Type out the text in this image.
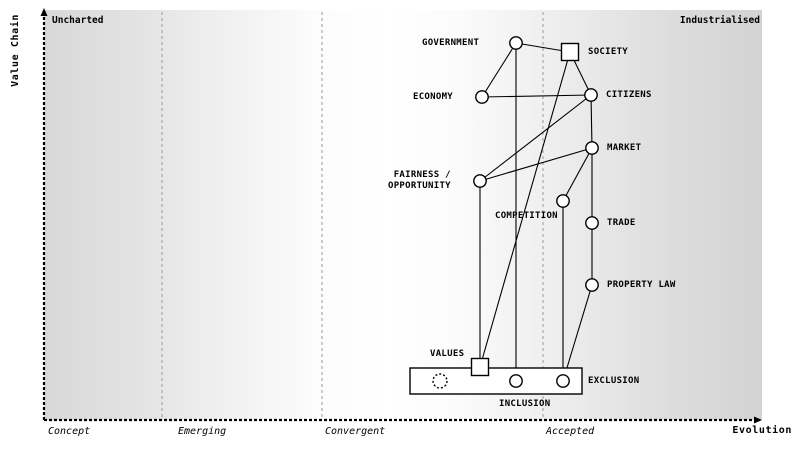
Value Chain
Evolution
Uncharted	Industrialised
Concept	Emerging	Convergent	Accepted
GOVERNMENT
SOCIETY
ECONOMY	CITIZENS
MARKET
FAIRNESS /
OPPORTUNITY
COMPETITION
TRADE
PROPERTY LAW
VALUES
INCLUSION
EXCLUSION
